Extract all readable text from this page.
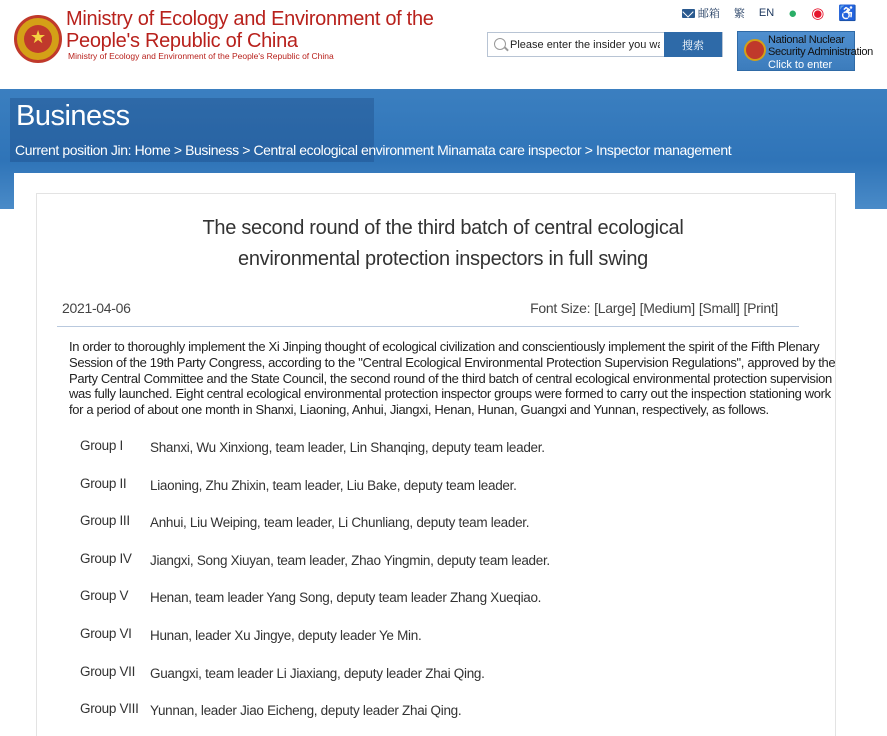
★
Ministry of Ecology and Environment of the
People's Republic of China
Ministry of Ecology and Environment of the People's Republic of China
邮箱 繁 EN ● ◉ ♿
Please enter the insider you want to
搜索	National Nuclear Security Administration
Click to enter
Business
Current position Jin: Home > Business > Central ecological environment Minamata care inspector > Inspector management
The second round of the third batch of central ecological
environmental protection inspectors in full swing
2021-04-06	Font Size: [Large] [Medium] [Small] [Print]
In order to thoroughly implement the Xi Jinping thought of ecological civilization and conscientiously implement the spirit of the Fifth Plenary Session of the 19th Party Congress, according to the "Central Ecological Environmental Protection Supervision Regulations", approved by the Party Central Committee and the State Council, the second round of the third batch of central ecological environmental protection supervision was fully launched. Eight central ecological environmental protection inspector groups were formed to carry out the inspection stationing work for a period of about one month in Shanxi, Liaoning, Anhui, Jiangxi, Henan, Hunan, Guangxi and Yunnan, respectively, as follows.
Group I Shanxi, Wu Xinxiong, team leader, Lin Shanqing, deputy team leader.
Group II Liaoning, Zhu Zhixin, team leader, Liu Bake, deputy team leader.
Group III Anhui, Liu Weiping, team leader, Li Chunliang, deputy team leader.
Group IV Jiangxi, Song Xiuyan, team leader, Zhao Yingmin, deputy team leader.
Group V Henan, team leader Yang Song, deputy team leader Zhang Xueqiao.
Group VI Hunan, leader Xu Jingye, deputy leader Ye Min.
Group VII Guangxi, team leader Li Jiaxiang, deputy leader Zhai Qing.
Group VIII Yunnan, leader Jiao Eicheng, deputy leader Zhai Qing.
